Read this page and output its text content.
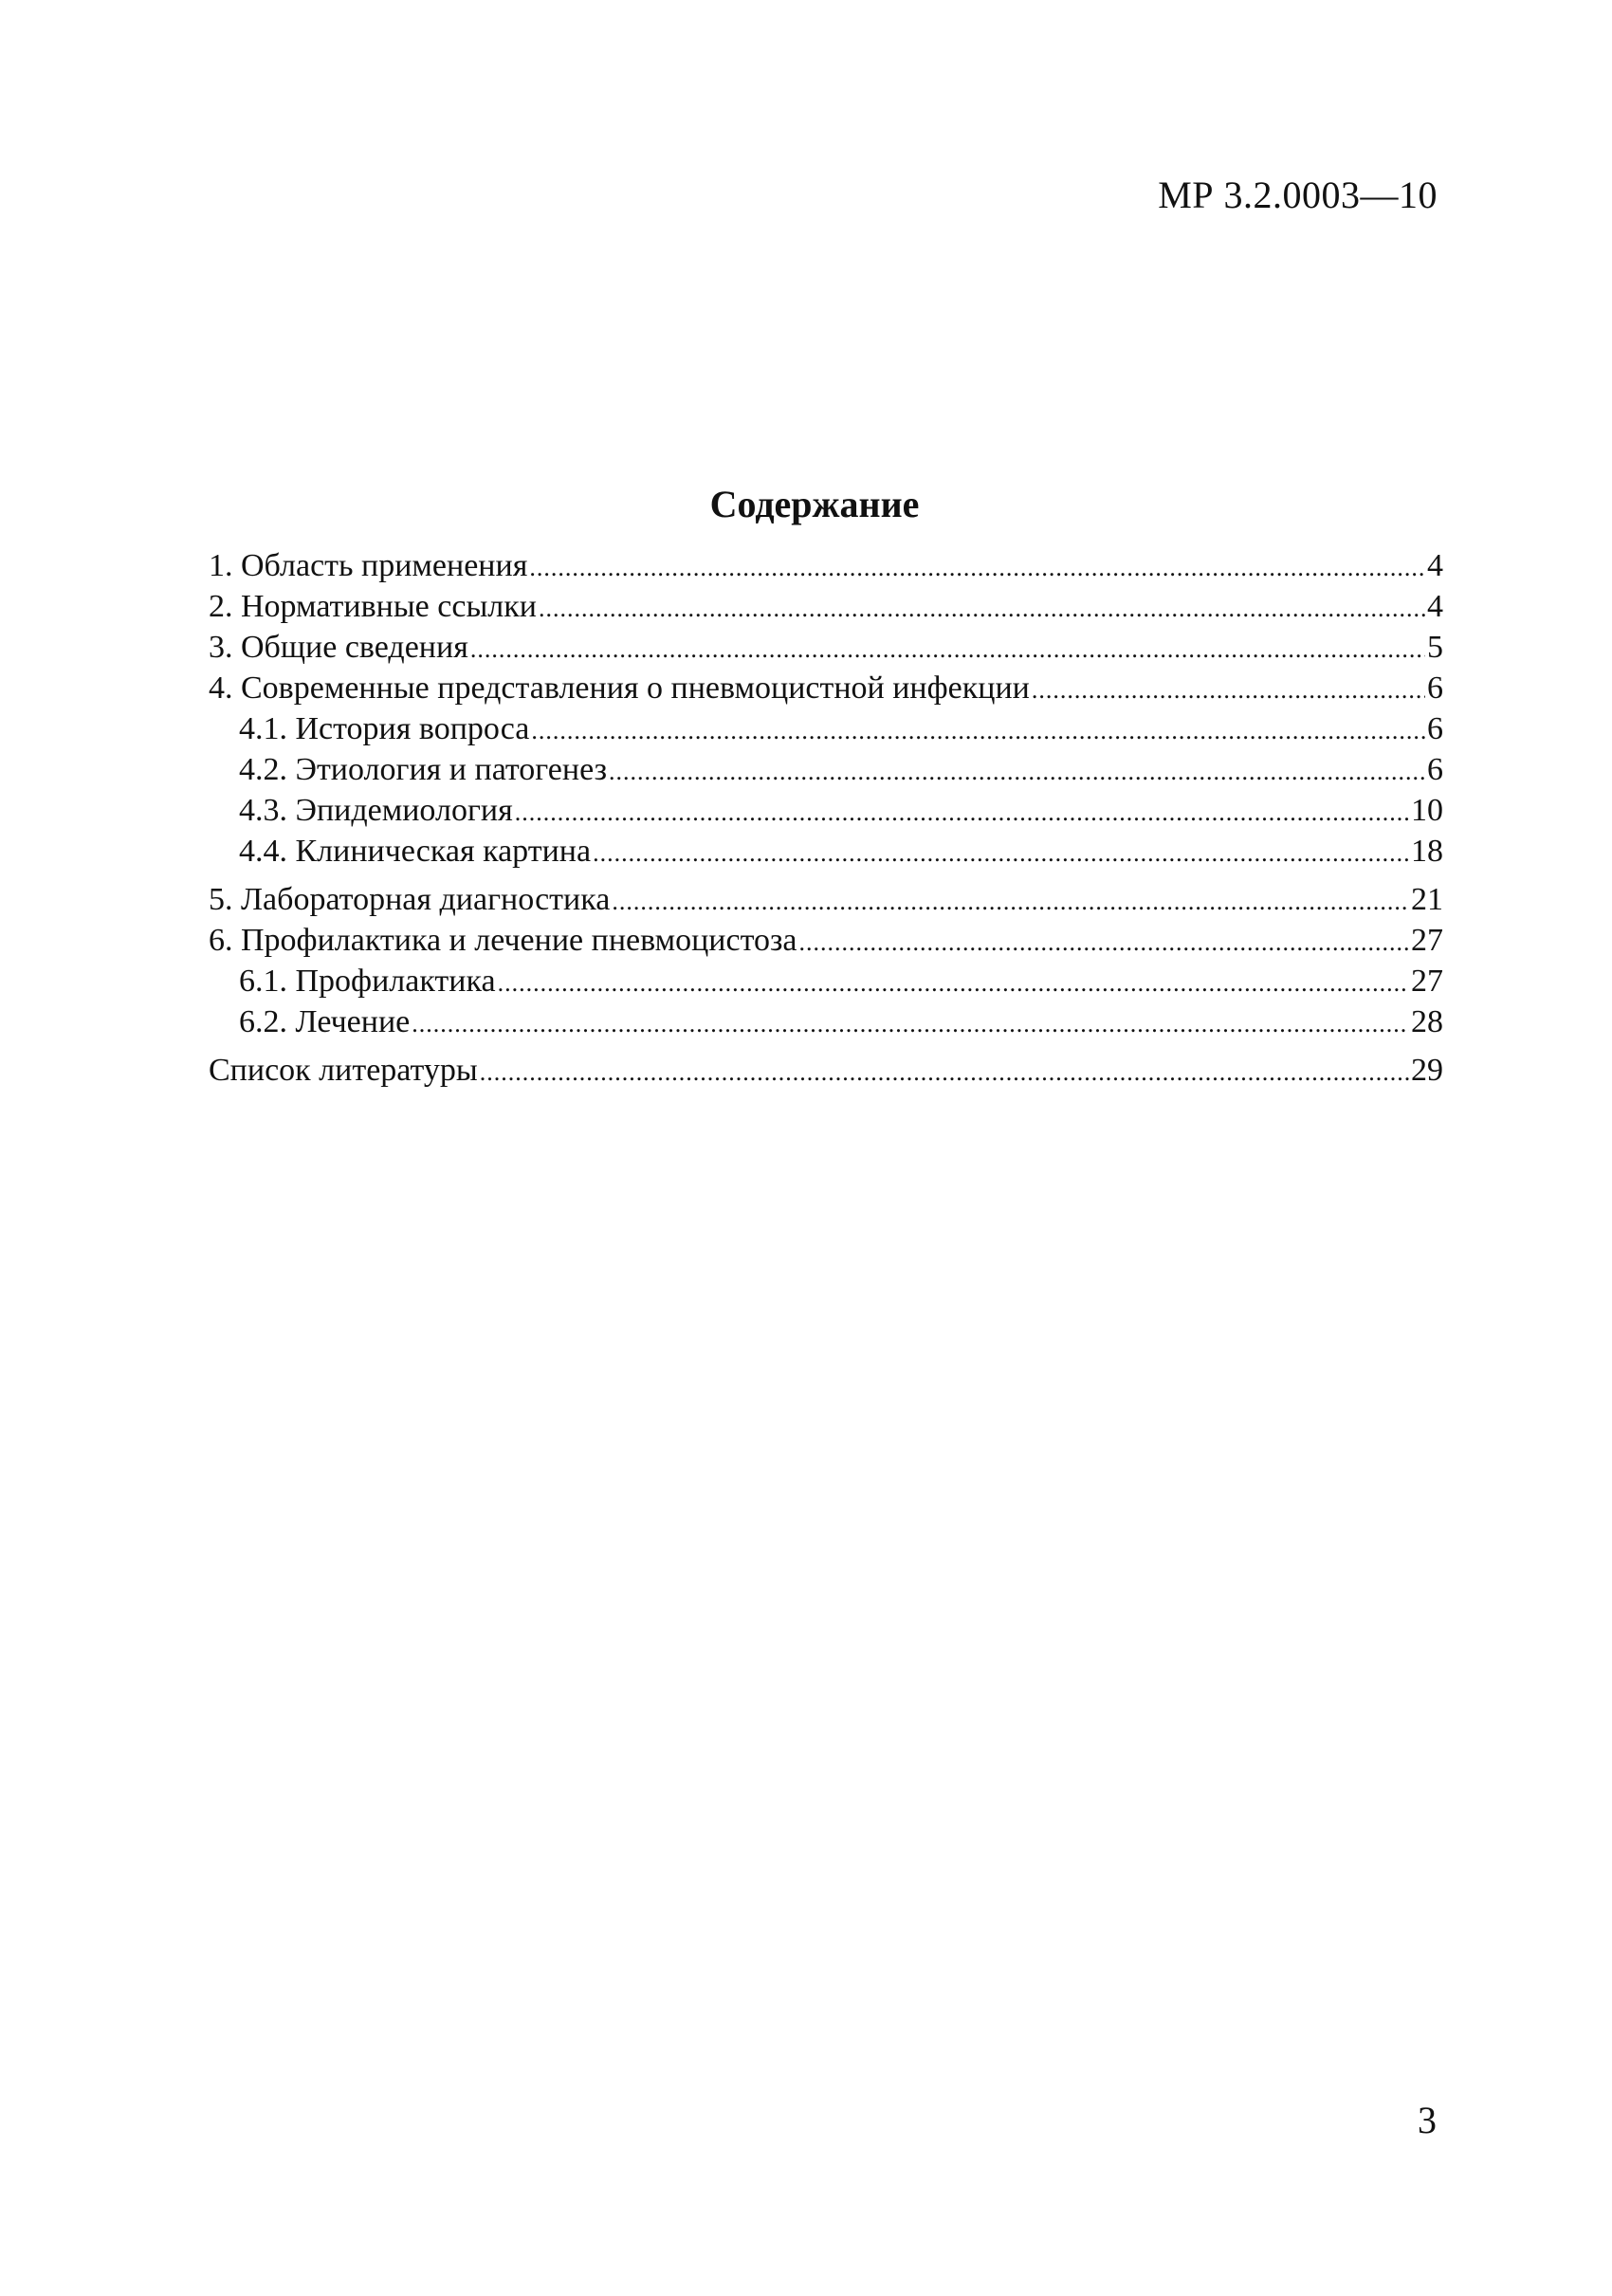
МР 3.2.0003—10
Содержание
1. Область применения .....	4
2. Нормативные ссылки .....	4
3. Общие сведения .....	5
4. Современные представления о пневмоцистной инфекции .....	6
4.1. История вопроса .....	6
4.2. Этиология и патогенез .....	6
4.3. Эпидемиология .....	10
4.4. Клиническая картина .....	18
5. Лабораторная диагностика .....	21
6. Профилактика и лечение пневмоцистоза .....	27
6.1. Профилактика .....	27
6.2. Лечение .....	28
Список литературы .....	29
3
